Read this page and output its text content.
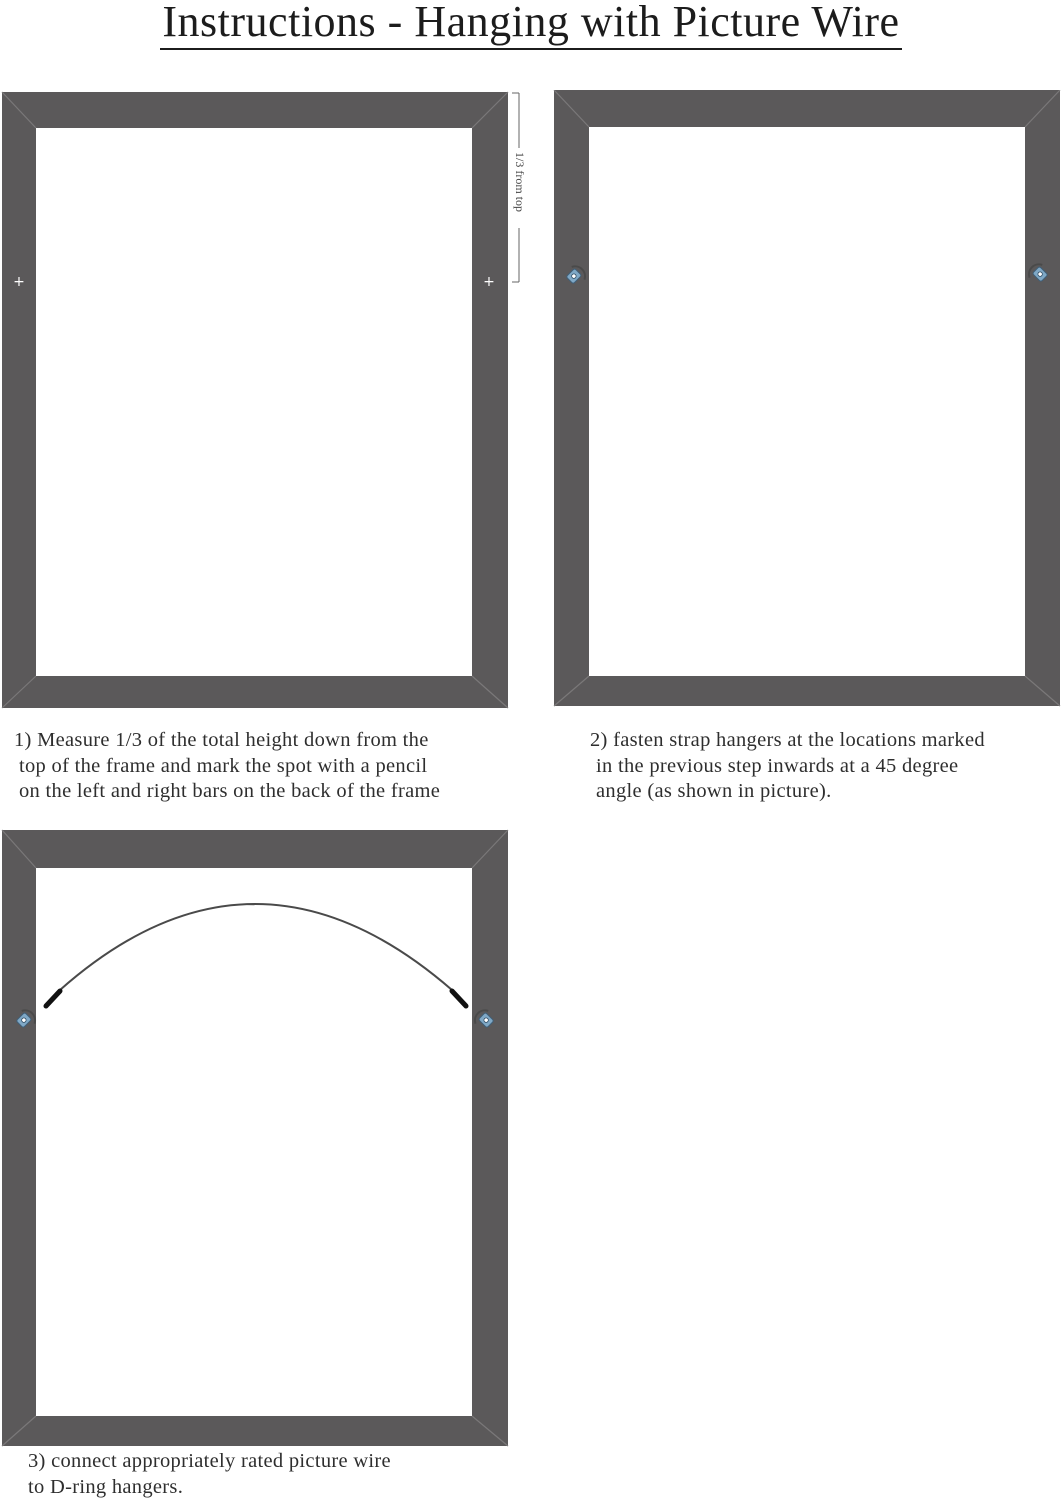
Instructions - Hanging with Picture Wire
+	+
1/3 from top
1) Measure 1/3 of the total height down from the
top of the frame and mark the spot with a pencil
on the left and right bars on the back of the frame
2) fasten strap hangers at the locations marked
in the previous step inwards at a 45 degree
angle (as shown in picture).
3) connect appropriately rated picture wire
to D-ring hangers.
